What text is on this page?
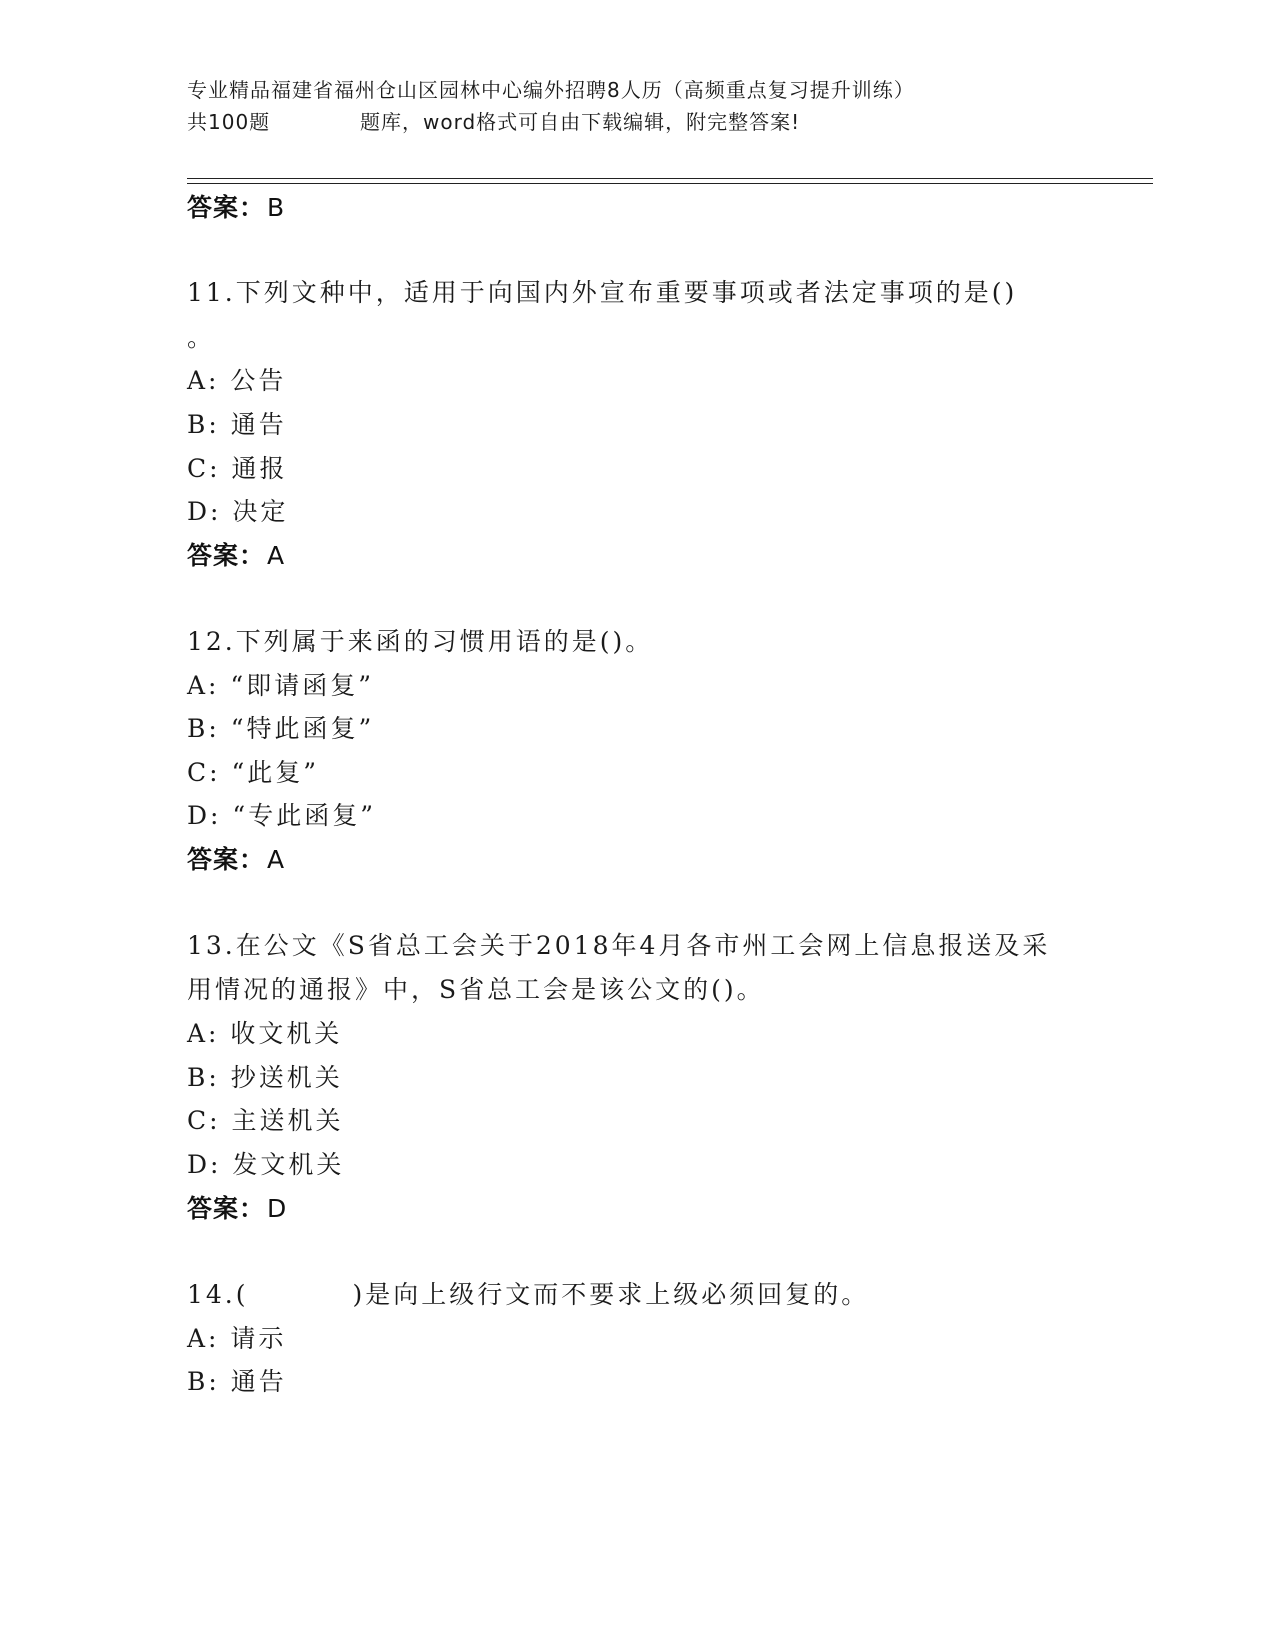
专业精品福建省福州仓山区园林中心编外招聘8人历（高频重点复习提升训练）
共100题	题库，word格式可自由下载编辑，附完整答案!
答案：B
11.下列文种中，适用于向国内外宣布重要事项或者法定事项的是()
。
A: 公告
B: 通告
C: 通报
D: 决定
答案：A
12.下列属于来函的习惯用语的是()。
A: “即请函复”
B: “特此函复”
C: “此复”
D: “专此函复”
答案：A
13.在公文《S省总工会关于2018年4月各市州工会网上信息报送及采
用情况的通报》中，S省总工会是该公文的()。
A: 收文机关
B: 抄送机关
C: 主送机关
D: 发文机关
答案：D
14.(	)是向上级行文而不要求上级必须回复的。
A: 请示
B: 通告
